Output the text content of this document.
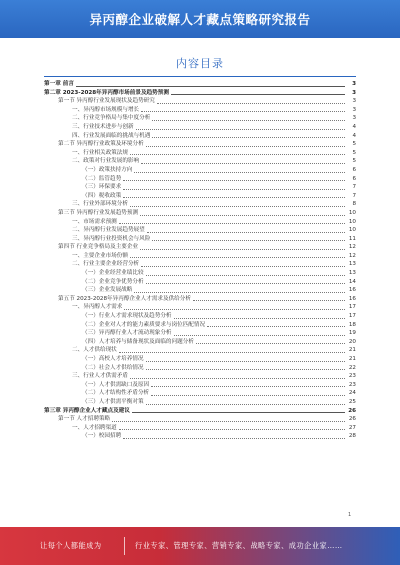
异丙醇企业破解人才藏点策略研究报告
内容目录
第一章 前言	3
第二章 2023-2028年异丙醇市场前景及趋势预测	3
第一节 异丙醇行业发展现状及趋势研究	3
一、异丙醇市场规模与增长	3
二、行业竞争格局与集中度分析	3
三、行业技术进步与创新	4
四、行业发展面临的挑战与机遇	4
第二节 异丙醇行业政策及环境分析	5
一、行业相关政策法规	5
二、政策对行业发展的影响	5
（一）政策扶持方向	6
（二）监管趋势	6
（三）环保要求	7
（四）税收政策	7
三、行业外部环境分析	8
第三节 异丙醇行业发展趋势预测	10
一、市场需求预测	10
二、异丙醇行业发展趋势展望	10
三、异丙醇行业投资机会与风险	11
第四节 行业竞争格局及主要企业	12
一、主要企业市场份额	12
二、行业主要企业经营分析	13
（一）企业经营业绩比较	13
（二）企业竞争优势分析	14
（三）企业发展战略	16
第五节 2023-2028年异丙醇企业人才需求及供给分析	16
一、异丙醇人才需求	17
（一）行业人才需求现状及趋势分析	17
（二）企业对人才的能力素质要求与岗位匹配情况	18
（三）异丙醇行业人才流动现象分析	19
（四）人才培养与储备现状及面临的问题分析	20
二、人才供给现状	21
（一）高校人才培养情况	21
（二）社会人才供给情况	22
三、行业人才供需矛盾	23
（一）人才供需缺口及原因	23
（二）人才结构性矛盾分析	24
（三）人才供需平衡对策	25
第三章 异丙醇企业人才藏点及建议	26
第一节 人才招聘策略	26
一、人才招聘渠道	27
（一）校园招聘	28
1
让每个人都能成为	行业专家、管理专家、营销专家、战略专家、成功企业家……
